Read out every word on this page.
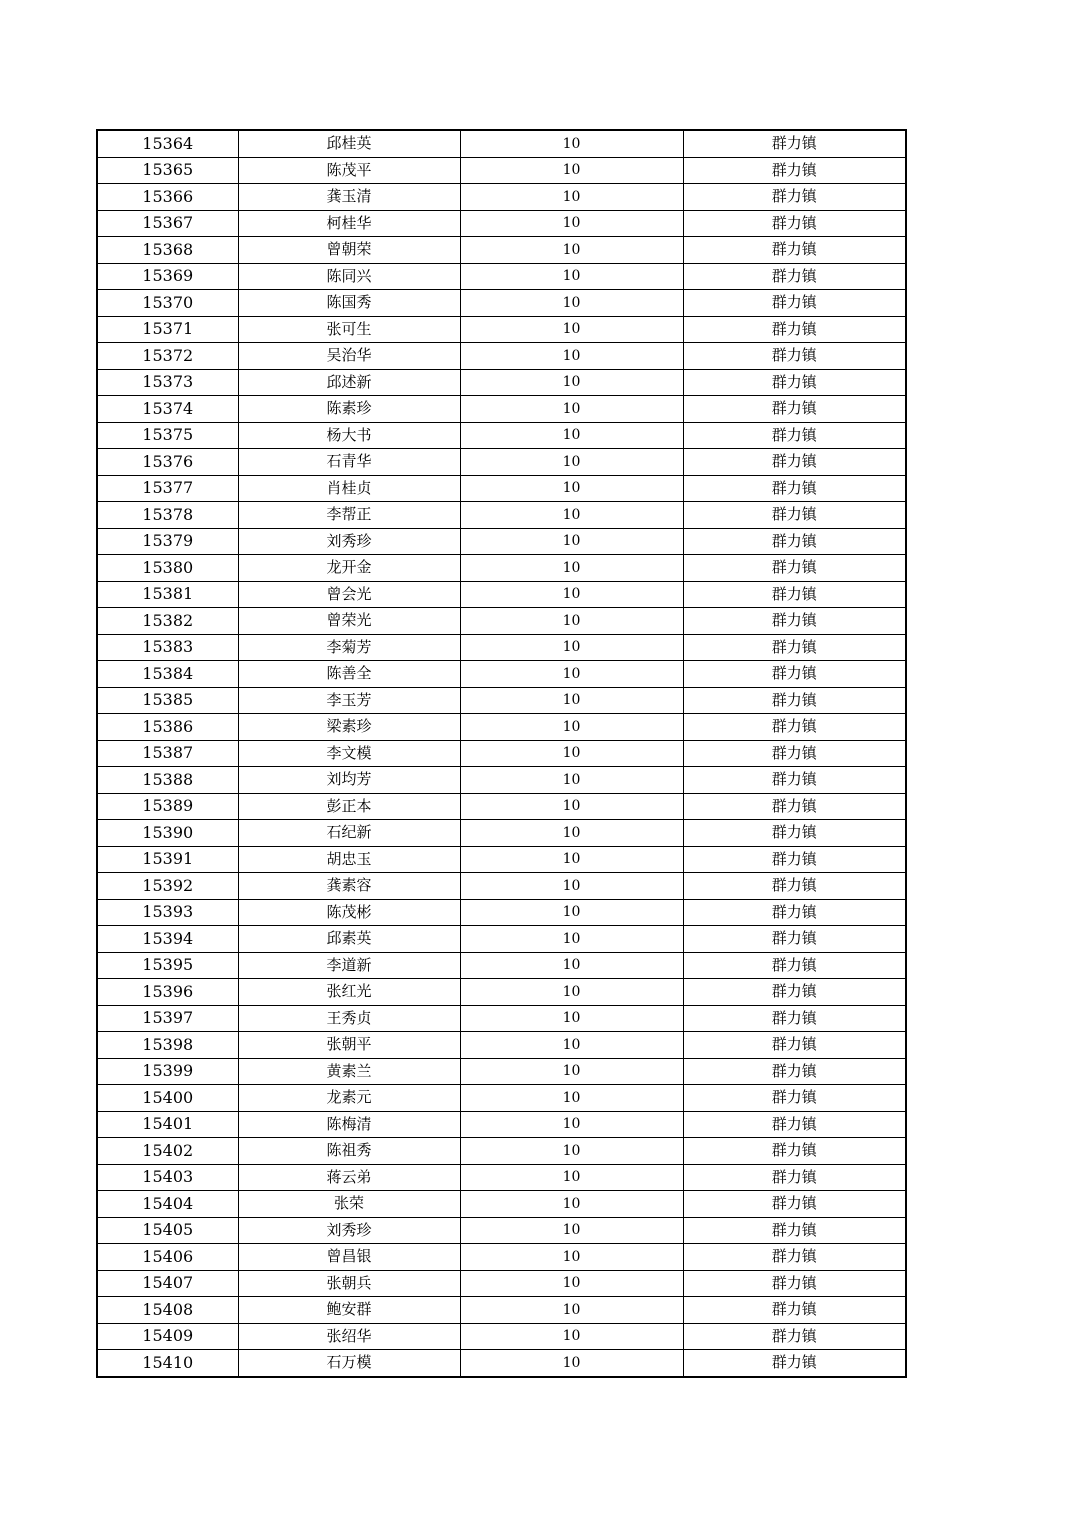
15364	邱桂英	10	群力镇
15365	陈茂平	10	群力镇
15366	龚玉清	10	群力镇
15367	柯桂华	10	群力镇
15368	曾朝荣	10	群力镇
15369	陈同兴	10	群力镇
15370	陈国秀	10	群力镇
15371	张可生	10	群力镇
15372	吴治华	10	群力镇
15373	邱述新	10	群力镇
15374	陈素珍	10	群力镇
15375	杨大书	10	群力镇
15376	石青华	10	群力镇
15377	肖桂贞	10	群力镇
15378	李帮正	10	群力镇
15379	刘秀珍	10	群力镇
15380	龙开金	10	群力镇
15381	曾会光	10	群力镇
15382	曾荣光	10	群力镇
15383	李菊芳	10	群力镇
15384	陈善全	10	群力镇
15385	李玉芳	10	群力镇
15386	梁素珍	10	群力镇
15387	李文模	10	群力镇
15388	刘均芳	10	群力镇
15389	彭正本	10	群力镇
15390	石纪新	10	群力镇
15391	胡忠玉	10	群力镇
15392	龚素容	10	群力镇
15393	陈茂彬	10	群力镇
15394	邱素英	10	群力镇
15395	李道新	10	群力镇
15396	张红光	10	群力镇
15397	王秀贞	10	群力镇
15398	张朝平	10	群力镇
15399	黄素兰	10	群力镇
15400	龙素元	10	群力镇
15401	陈梅清	10	群力镇
15402	陈祖秀	10	群力镇
15403	蒋云弟	10	群力镇
15404	张荣	10	群力镇
15405	刘秀珍	10	群力镇
15406	曾昌银	10	群力镇
15407	张朝兵	10	群力镇
15408	鲍安群	10	群力镇
15409	张绍华	10	群力镇
15410	石万模	10	群力镇
